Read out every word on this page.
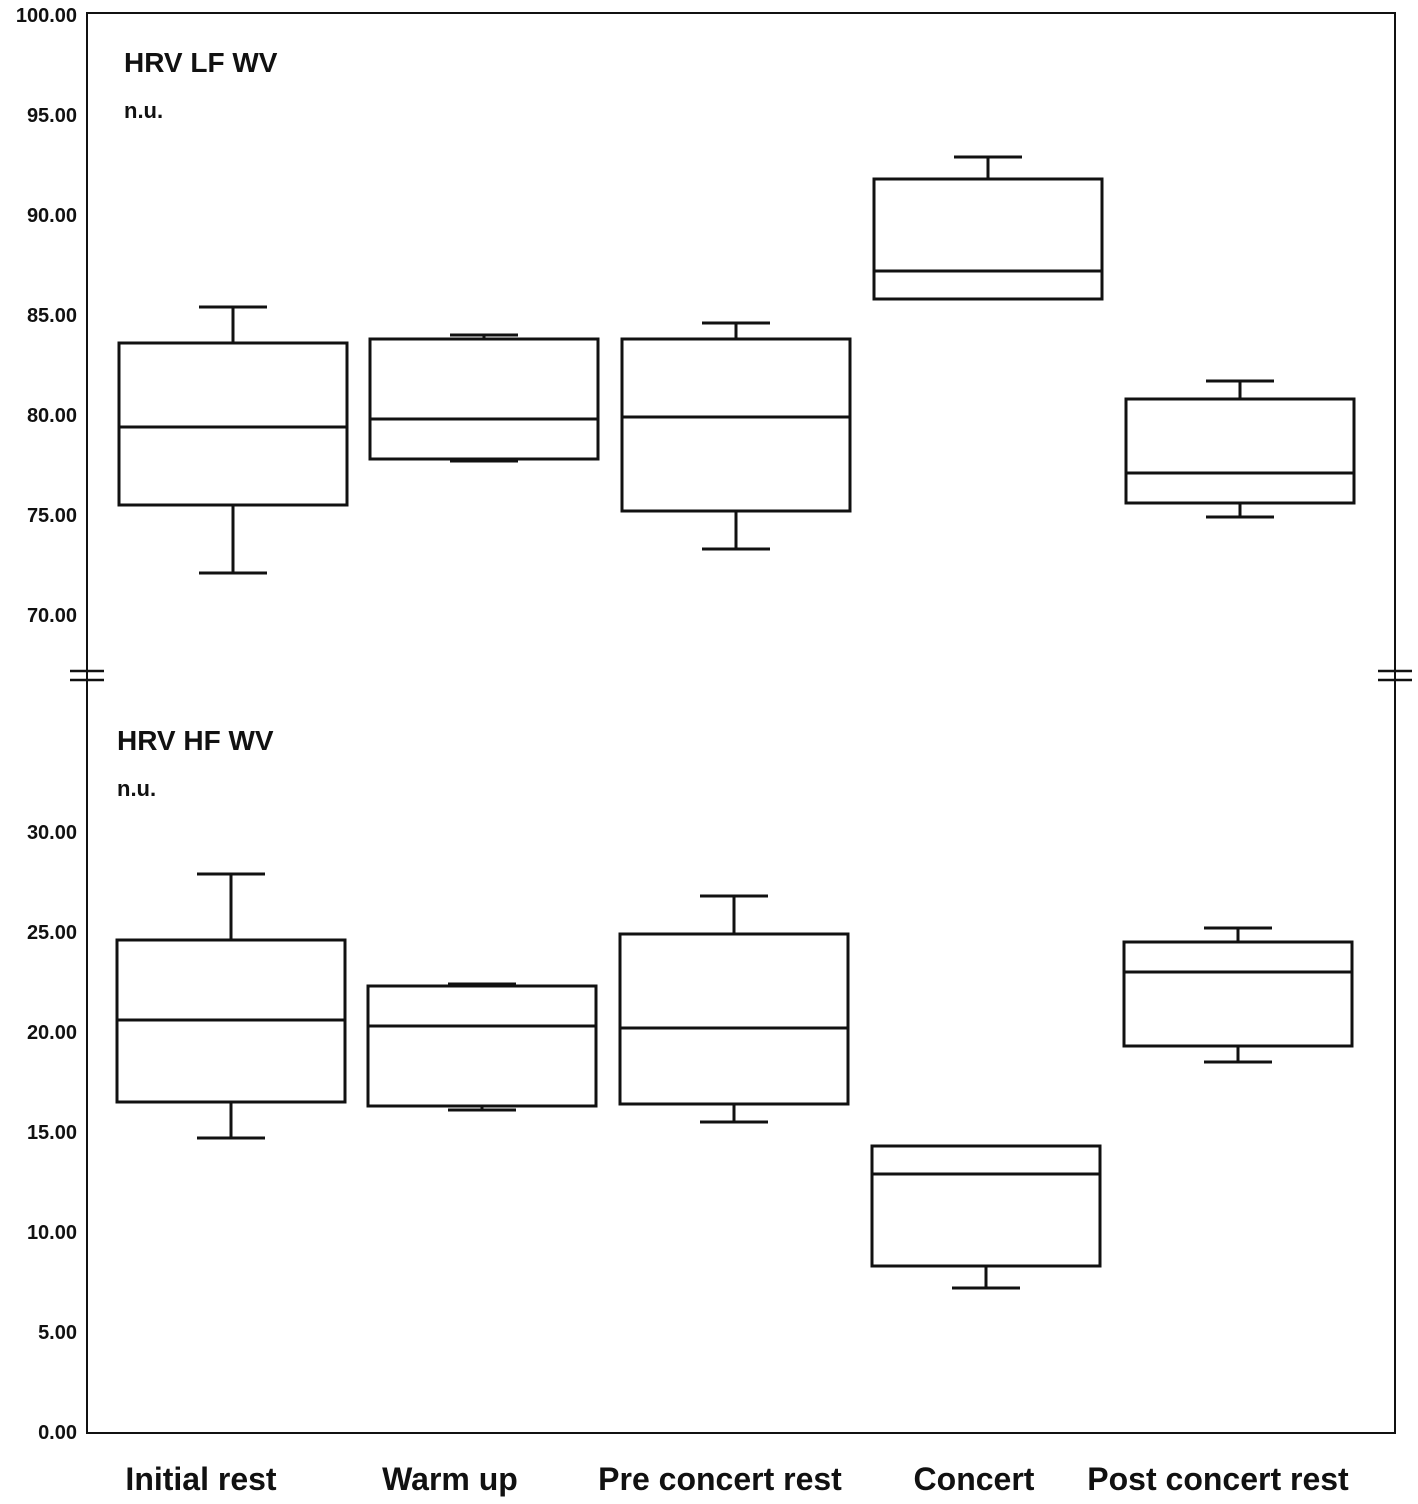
HRV LF WV
n.u.
HRV HF WV
n.u.
70.00
75.00
80.00
85.00
90.00
95.00
100.00
0.00
5.00
10.00
15.00
20.00
25.00
30.00
Initial rest	Warm up	Pre concert rest Concert Post concert rest
